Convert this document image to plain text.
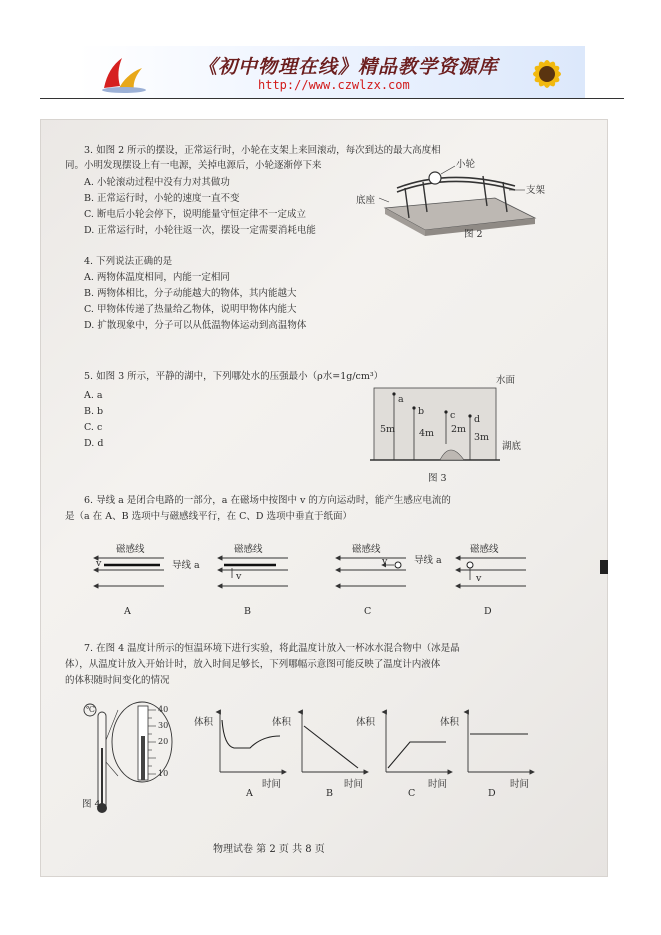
《初中物理在线》精品教学资源库
http://www.czwlzx.com
3. 如图 2 所示的摆设，正常运行时，小轮在支架上来回滚动，每次到达的最大高度相
同。小明发现摆设上有一电源，关掉电源后，小轮逐渐停下来
A. 小轮滚动过程中没有力对其做功
B. 正常运行时，小轮的速度一直不变
C. 断电后小轮会停下，说明能量守恒定律不一定成立
D. 正常运行时，小轮往返一次，摆设一定需要消耗电能
小轮
支架
底座
图 2
4. 下列说法正确的是
A. 两物体温度相同，内能一定相同
B. 两物体相比，分子动能越大的物体，其内能越大
C. 甲物体传递了热量给乙物体，说明甲物体内能大
D. 扩散现象中，分子可以从低温物体运动到高温物体
5. 如图 3 所示，平静的湖中，下列哪处水的压强最小（ρ水=1g/cm³）
A. a
B. b
C. c
D. d
a
b	c d
5m	4m 2m
3m
水面
湖底
图 3
6. 导线 a 是闭合电路的一部分，a 在磁场中按图中 v 的方向运动时，能产生感应电流的
是（a 在 A、B 选项中与磁感线平行，在 C、D 选项中垂直于纸面）
磁感线	磁感线	磁感线	磁感线
导线 a	导线 a
v
v
v
v
A	B	C	D
7. 在图 4 温度计所示的恒温环境下进行实验，将此温度计放入一杯冰水混合物中（冰是晶
体），从温度计放入开始计时，放入时间足够长，下列哪幅示意图可能反映了温度计内液体
的体积随时间变化的情况
℃	40
30
20
10
图 4
体积	体积	体积	体积
时间	时间	时间	时间
A	B	C	D
物理试卷 第 2 页 共 8 页
